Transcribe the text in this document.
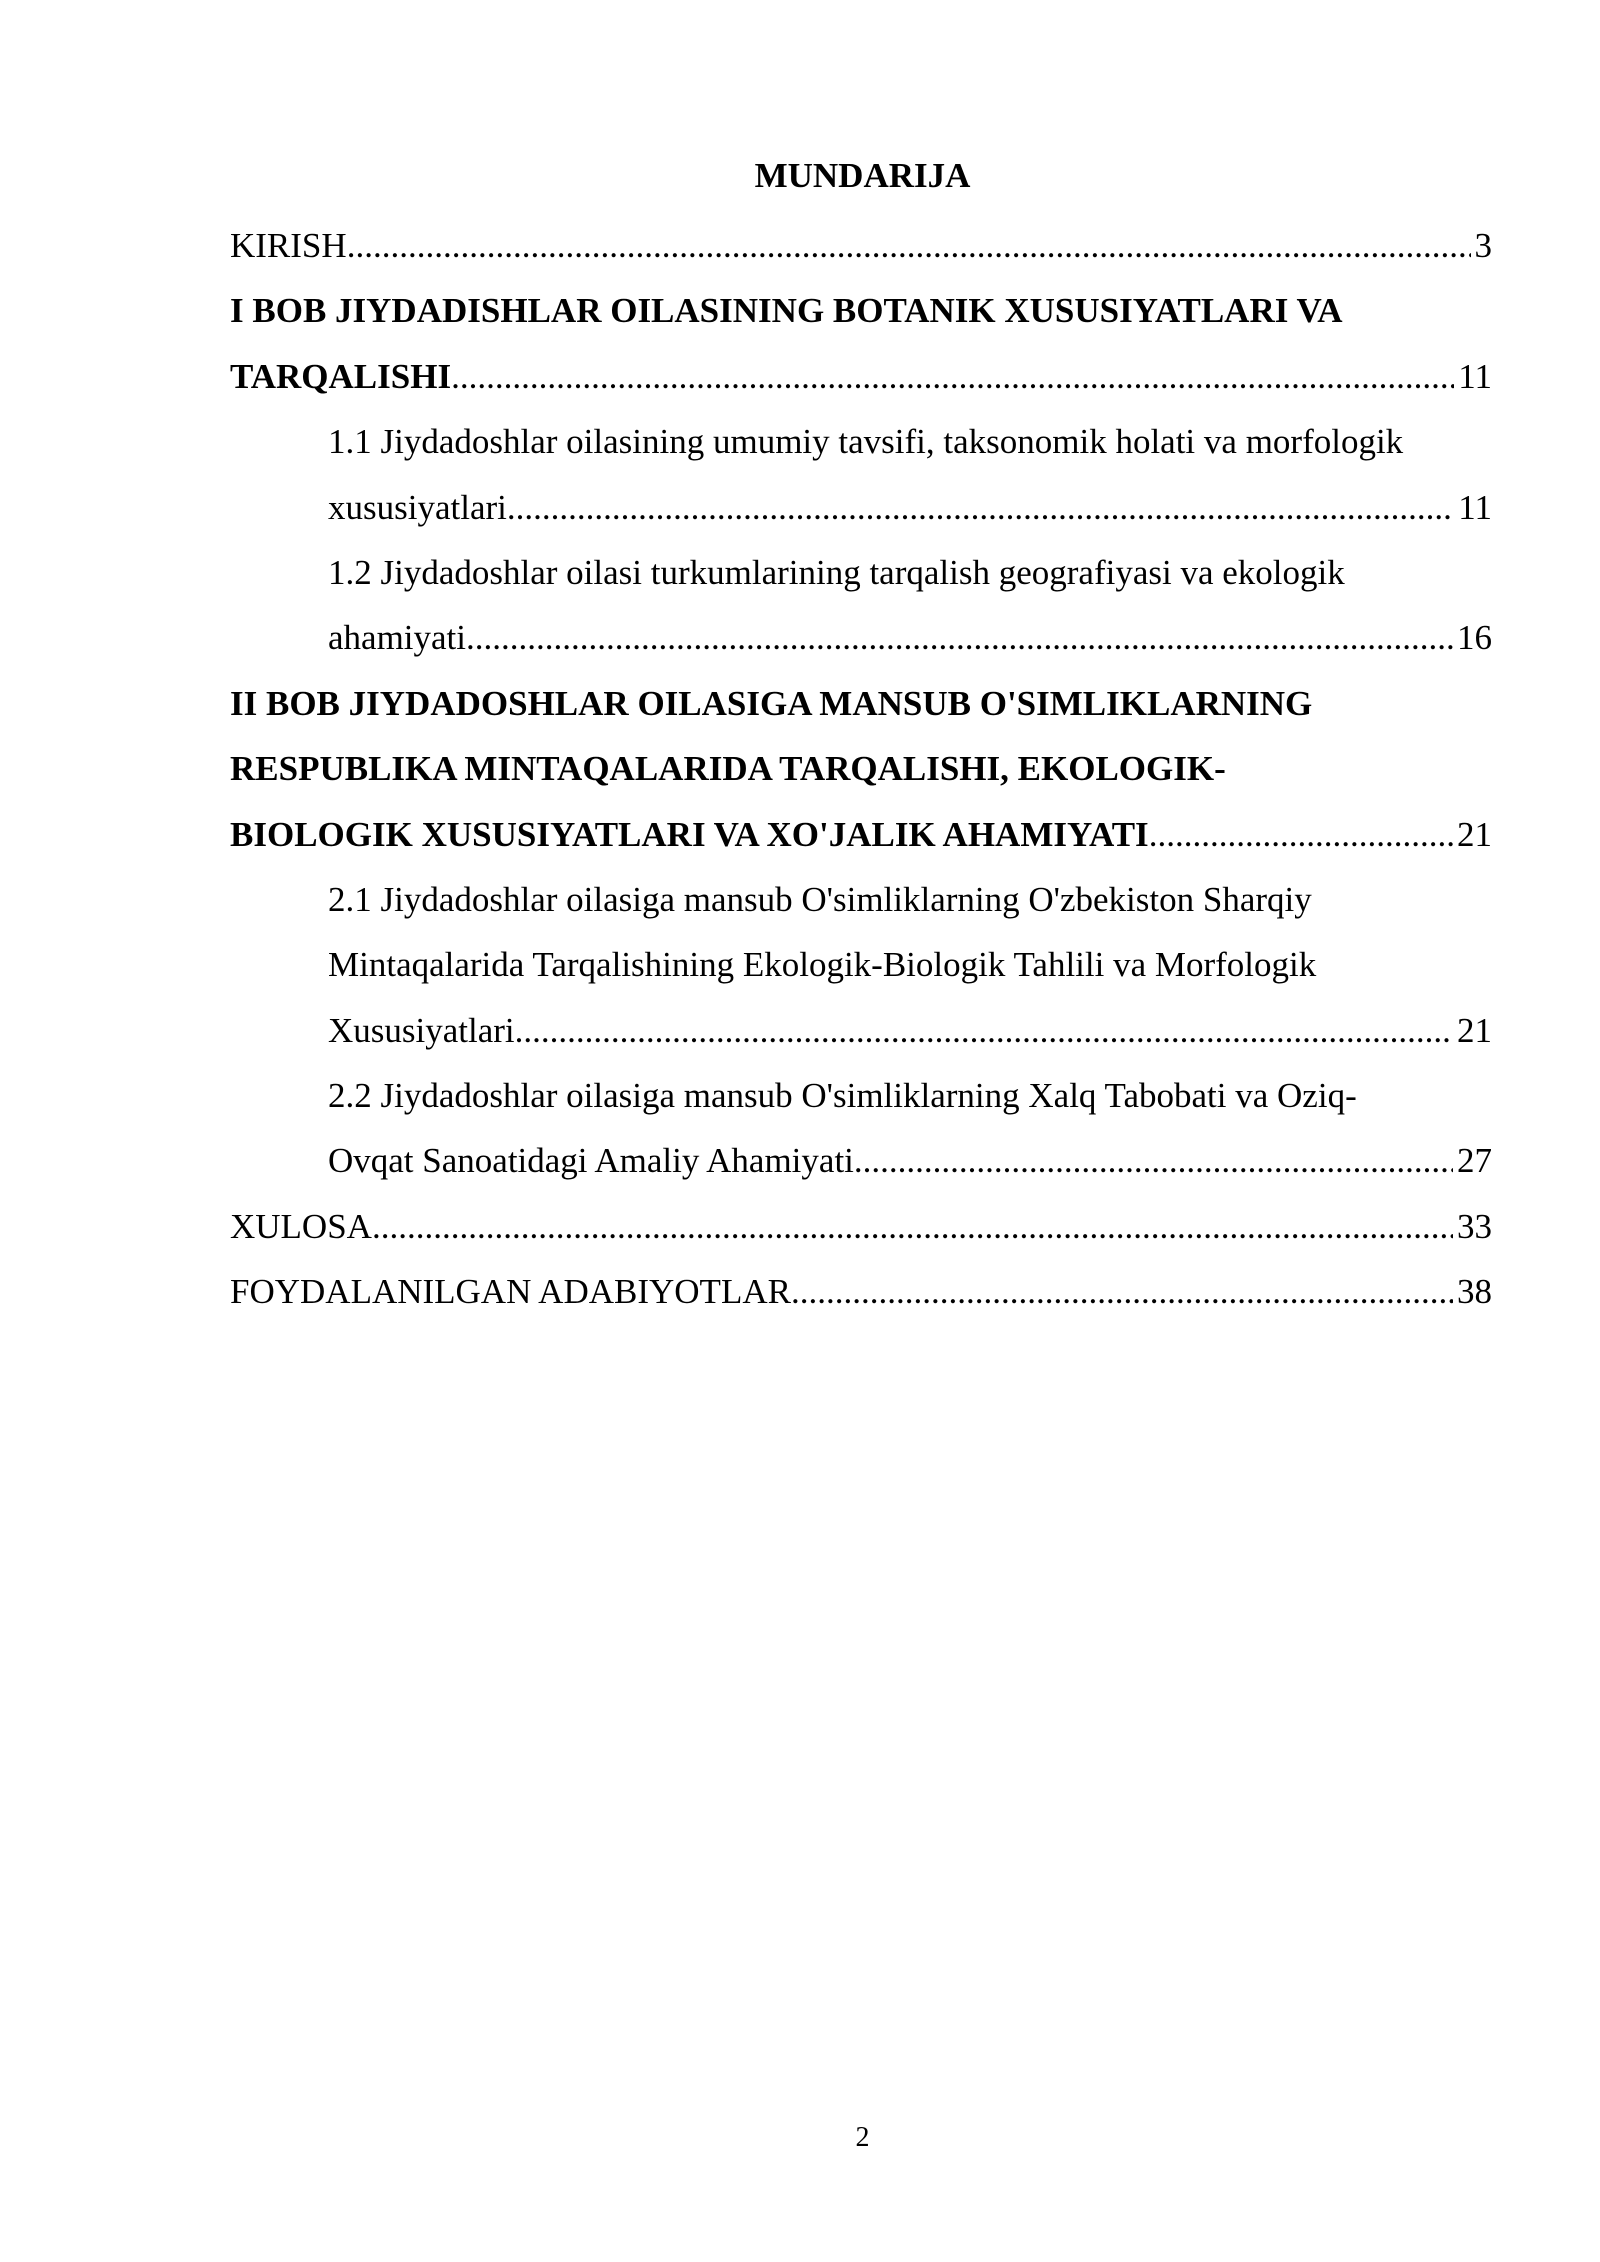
MUNDARIJA
KIRISH .....	3
I BOB JIYDADISHLAR OILASINING BOTANIK XUSUSIYATLARI VA
TARQALISHI .....	11
1.1 Jiydadoshlar oilasining umumiy tavsifi, taksonomik holati va morfologik
xususiyatlari .....	11
1.2 Jiydadoshlar oilasi turkumlarining tarqalish geografiyasi va ekologik
ahamiyati .....	16
II BOB JIYDADOSHLAR OILASIGA MANSUB O'SIMLIKLARNING
RESPUBLIKA MINTAQALARIDA TARQALISHI, EKOLOGIK-
BIOLOGIK XUSUSIYATLARI VA XO'JALIK AHAMIYATI .....	21
2.1 Jiydadoshlar oilasiga mansub O'simliklarning O'zbekiston Sharqiy
Mintaqalarida Tarqalishining Ekologik-Biologik Tahlili va Morfologik
Xususiyatlari .....	21
2.2 Jiydadoshlar oilasiga mansub O'simliklarning Xalq Tabobati va Oziq-
Ovqat Sanoatidagi Amaliy Ahamiyati .....	27
XULOSA .....	33
FOYDALANILGAN ADABIYOTLAR .....	38
2
